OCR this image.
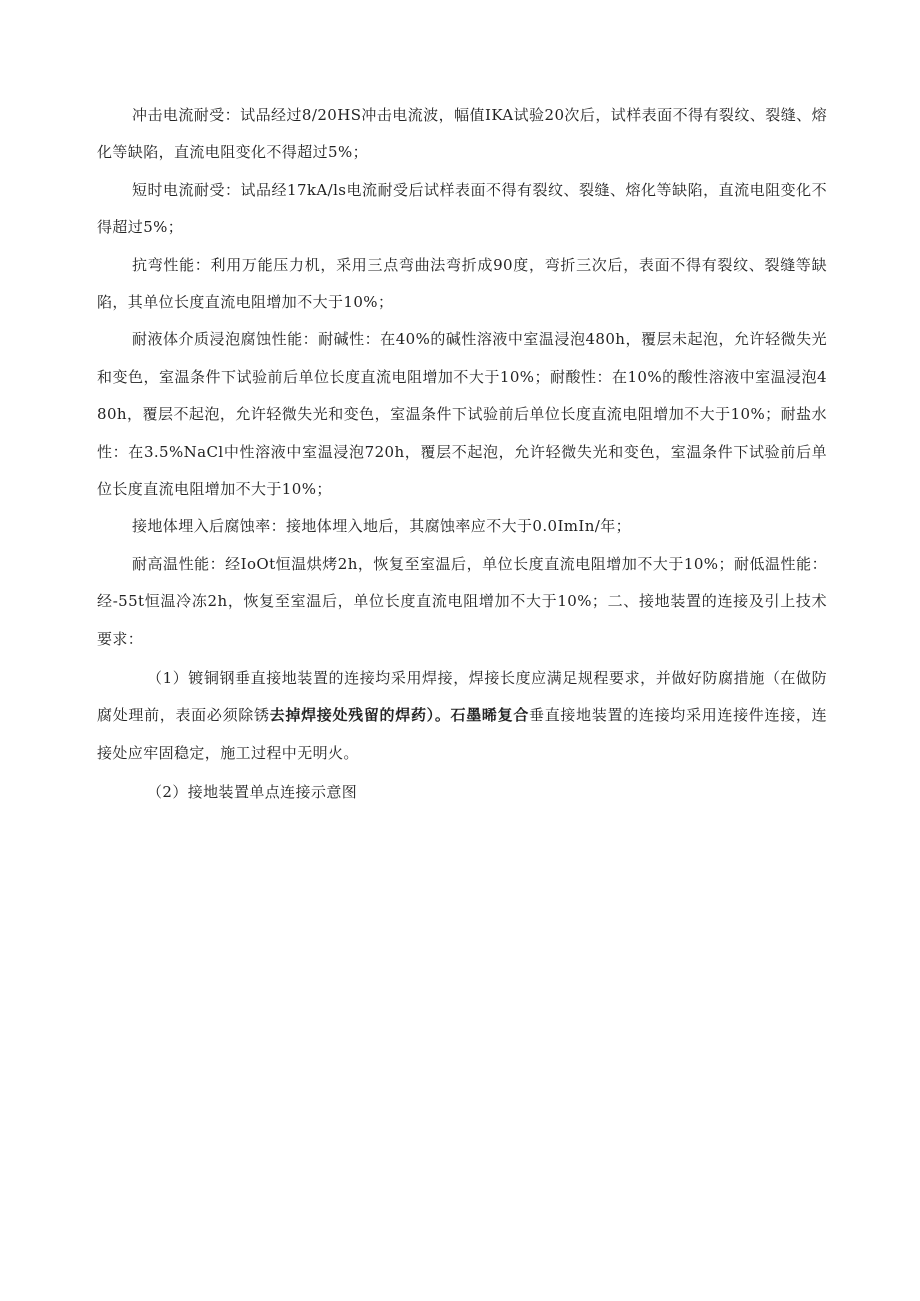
冲击电流耐受：试品经过8/20HS冲击电流波，幅值IKA试验20次后，试样表面不得有裂纹、裂缝、熔化等缺陷，直流电阻变化不得超过5%；

短时电流耐受：试品经17kA/ls电流耐受后试样表面不得有裂纹、裂缝、熔化等缺陷，直流电阻变化不得超过5%；

抗弯性能：利用万能压力机，采用三点弯曲法弯折成90度，弯折三次后，表面不得有裂纹、裂缝等缺陷，其单位长度直流电阻增加不大于10%；

耐液体介质浸泡腐蚀性能：耐碱性：在40%的碱性溶液中室温浸泡480h，覆层未起泡，允许轻微失光和变色，室温条件下试验前后单位长度直流电阻增加不大于10%；耐酸性：在10%的酸性溶液中室温浸泡480h，覆层不起泡，允许轻微失光和变色，室温条件下试验前后单位长度直流电阻增加不大于10%；耐盐水性：在3.5%NaCl中性溶液中室温浸泡720h，覆层不起泡，允许轻微失光和变色，室温条件下试验前后单位长度直流电阻增加不大于10%；

接地体埋入后腐蚀率：接地体埋入地后，其腐蚀率应不大于0.0ImIn/年；

耐高温性能：经IoOt恒温烘烤2h，恢复至室温后，单位长度直流电阻增加不大于10%；耐低温性能：经-55t恒温冷冻2h，恢复至室温后，单位长度直流电阻增加不大于10%；二、接地装置的连接及引上技术要求：

（1）镀铜钢垂直接地装置的连接均采用焊接，焊接长度应满足规程要求，并做好防腐措施（在做防腐处理前，表面必须除锈去掉焊接处残留的焊药）。石墨晞复合垂直接地装置的连接均采用连接件连接，连接处应牢固稳定，施工过程中无明火。

（2）接地装置单点连接示意图
